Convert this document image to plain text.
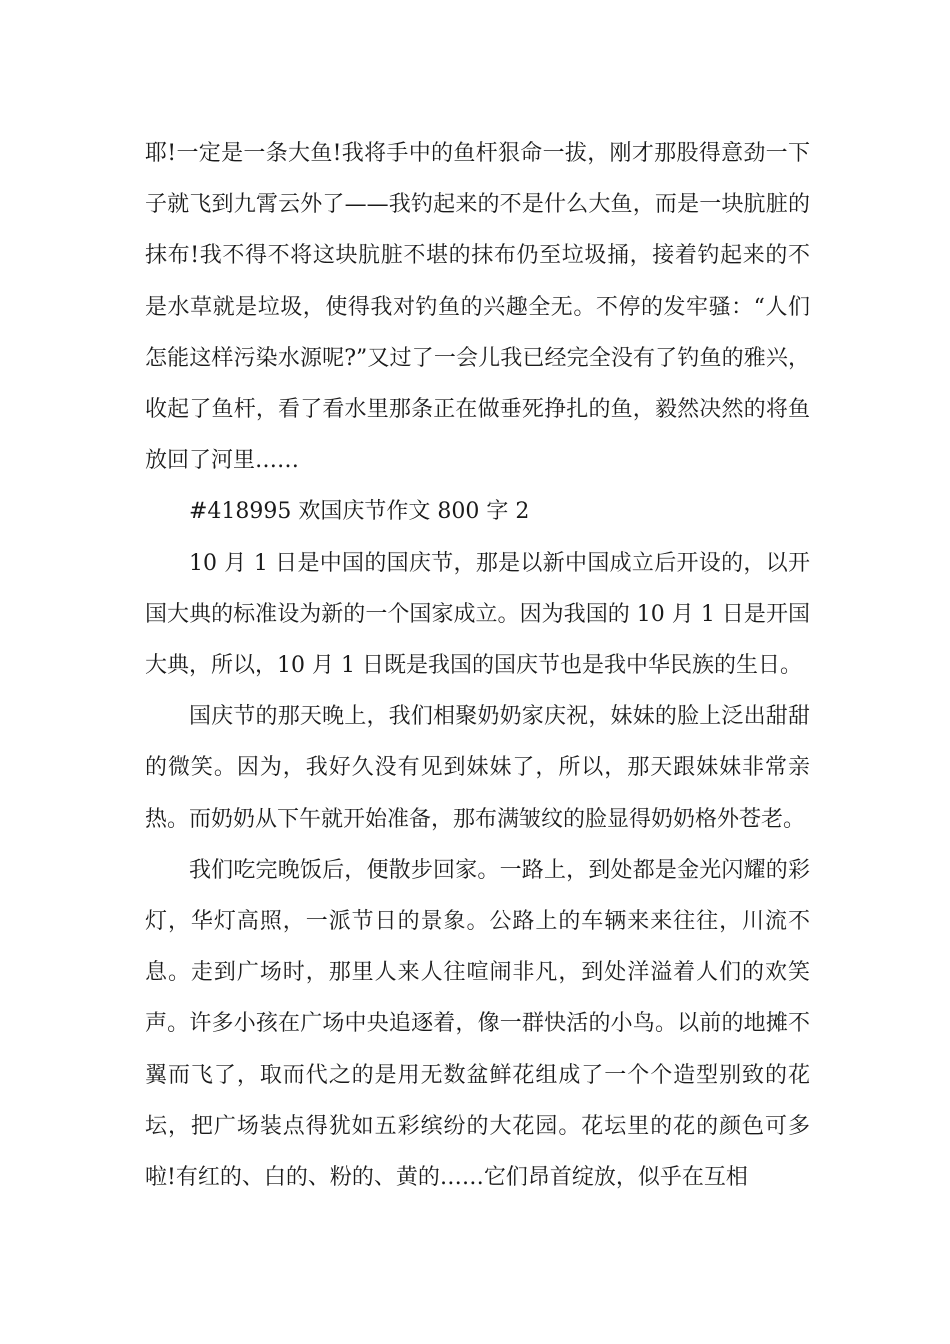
耶!一定是一条大鱼!我将手中的鱼杆狠命一拔，刚才那股得意劲一下子就飞到九霄云外了——我钓起来的不是什么大鱼，而是一块肮脏的抹布!我不得不将这块肮脏不堪的抹布仍至垃圾捅，接着钓起来的不是水草就是垃圾，使得我对钓鱼的兴趣全无。不停的发牢骚：“人们怎能这样污染水源呢?”又过了一会儿我已经完全没有了钓鱼的雅兴，收起了鱼杆，看了看水里那条正在做垂死挣扎的鱼，毅然决然的将鱼放回了河里……

#418995 欢国庆节作文 800 字 2

10 月 1 日是中国的国庆节，那是以新中国成立后开设的，以开国大典的标准设为新的一个国家成立。因为我国的 10 月 1 日是开国大典，所以，10 月 1 日既是我国的国庆节也是我中华民族的生日。

国庆节的那天晚上，我们相聚奶奶家庆祝，妹妹的脸上泛出甜甜的微笑。因为，我好久没有见到妹妹了，所以，那天跟妹妹非常亲热。而奶奶从下午就开始准备，那布满皱纹的脸显得奶奶格外苍老。

我们吃完晚饭后，便散步回家。一路上，到处都是金光闪耀的彩灯，华灯高照，一派节日的景象。公路上的车辆来来往往，川流不息。走到广场时，那里人来人往喧闹非凡，到处洋溢着人们的欢笑声。许多小孩在广场中央追逐着，像一群快活的小鸟。以前的地摊不翼而飞了，取而代之的是用无数盆鲜花组成了一个个造型别致的花坛，把广场装点得犹如五彩缤纷的大花园。花坛里的花的颜色可多啦!有红的、白的、粉的、黄的……它们昂首绽放，似乎在互相
